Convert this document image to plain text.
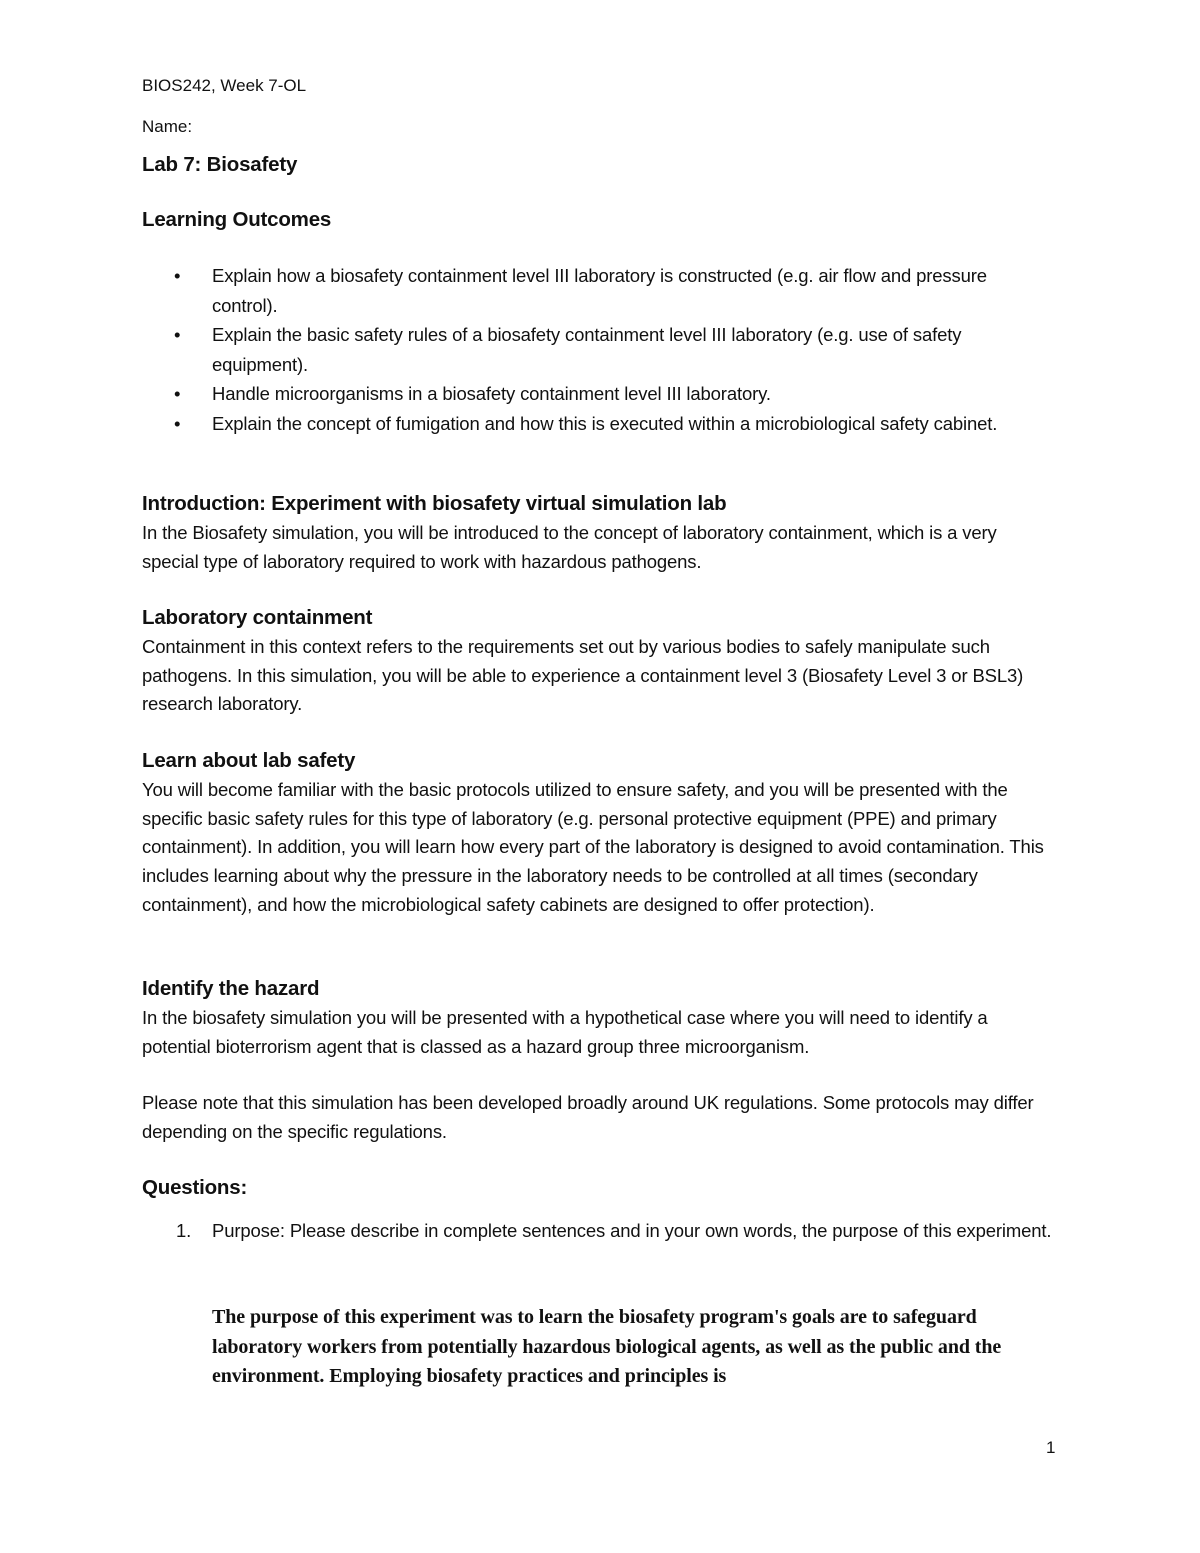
BIOS242, Week 7-OL
Name:
Lab 7: Biosafety
Learning Outcomes
• Explain how a biosafety containment level III laboratory is constructed (e.g. air flow and pressure control).
• Explain the basic safety rules of a biosafety containment level III laboratory (e.g. use of safety equipment).
• Handle microorganisms in a biosafety containment level III laboratory.
• Explain the concept of fumigation and how this is executed within a microbiological safety cabinet.
Introduction: Experiment with biosafety virtual simulation lab
In the Biosafety simulation, you will be introduced to the concept of laboratory containment, which is a very special type of laboratory required to work with hazardous pathogens.
Laboratory containment
Containment in this context refers to the requirements set out by various bodies to safely manipulate such pathogens. In this simulation, you will be able to experience a containment level 3 (Biosafety Level 3 or BSL3) research laboratory.
Learn about lab safety
You will become familiar with the basic protocols utilized to ensure safety, and you will be presented with the specific basic safety rules for this type of laboratory (e.g. personal protective equipment (PPE) and primary containment). In addition, you will learn how every part of the laboratory is designed to avoid contamination. This includes learning about why the pressure in the laboratory needs to be controlled at all times (secondary containment), and how the microbiological safety cabinets are designed to offer protection).
Identify the hazard
In the biosafety simulation you will be presented with a hypothetical case where you will need to identify a potential bioterrorism agent that is classed as a hazard group three microorganism.
Please note that this simulation has been developed broadly around UK regulations. Some protocols may differ depending on the specific regulations.
Questions:
1. Purpose: Please describe in complete sentences and in your own words, the purpose of this experiment.
The purpose of this experiment was to learn the biosafety program's goals are to safeguard laboratory workers from potentially hazardous biological agents, as well as the public and the environment. Employing biosafety practices and principles is
1
